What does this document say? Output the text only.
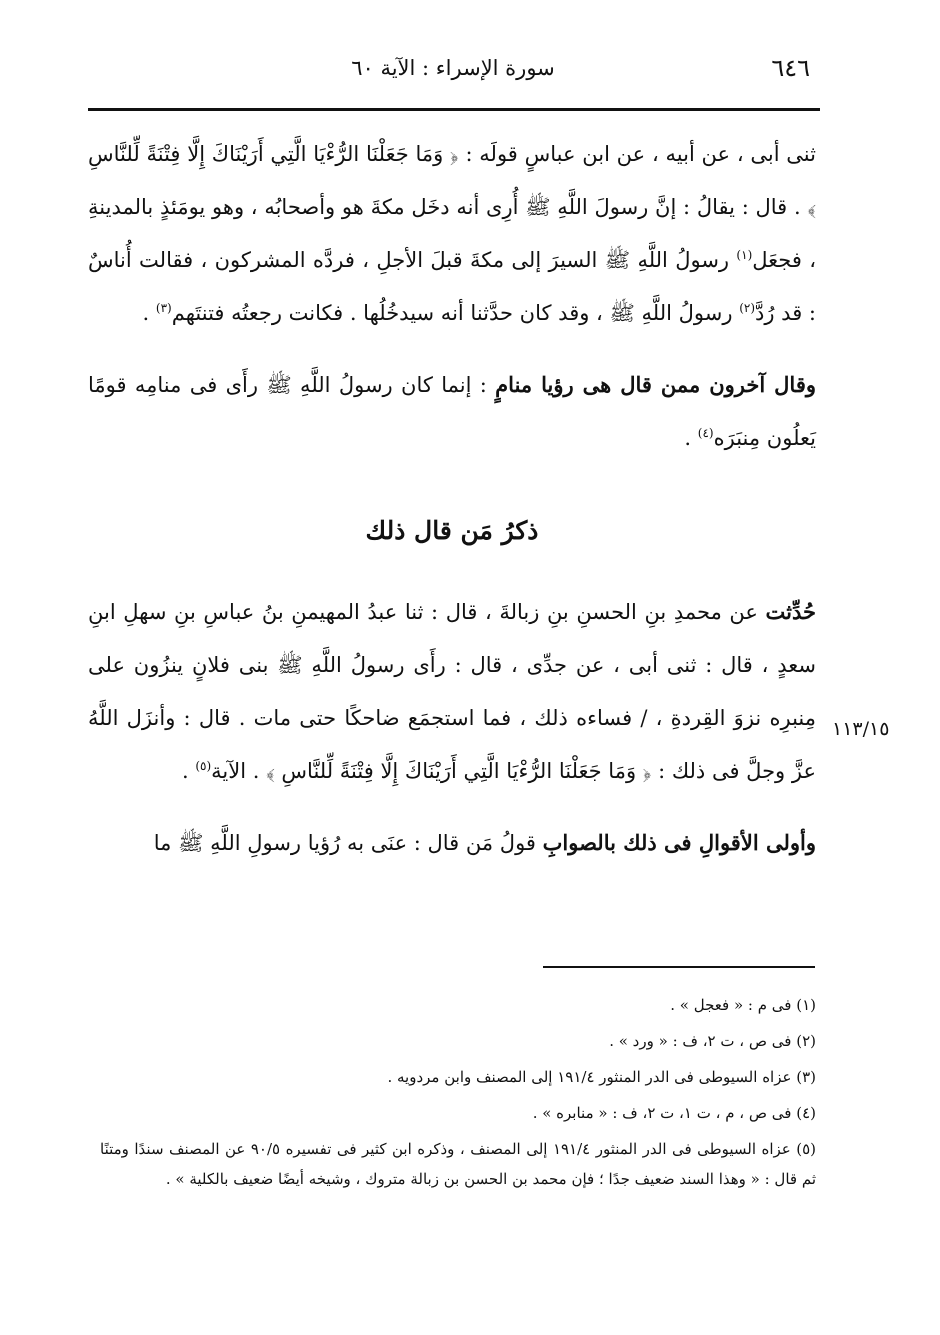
٦٤٦
سورة الإسراء : الآية ٦٠

ثنى أبى ، عن أبيه ، عن ابن عباسٍ قولَه : ﴿ وَمَا جَعَلْنَا الرُّءْيَا الَّتِي أَرَيْنَاكَ إِلَّا فِتْنَةً لِّلنَّاسِ ﴾ . قال : يقالُ : إنَّ رسولَ اللَّهِ ﷺ أُرِى أنه دخَل مكةَ هو وأصحابُه ، وهو يومَئذٍ بالمدينةِ ، فجعَل$^{(١)}$ رسولُ اللَّهِ ﷺ السيرَ إلى مكةَ قبلَ الأجلِ ، فردَّه المشركون ، فقالت أُناسٌ : قد رُدَّ$^{(٢)}$ رسولُ اللَّهِ ﷺ ، وقد كان حدَّثنا أنه سيدخُلُها . فكانت رجعتُه فتنتَهم$^{(٣)}$ .

وقال آخرون ممن قال هى رؤيا منامٍ : إنما كان رسولُ اللَّهِ ﷺ رأَى فى منامِه قومًا يَعلُون مِنبَرَه$^{(٤)}$ .

ذكرُ مَن قال ذلك

حُدِّثت عن محمدِ بنِ الحسنِ بنِ زبالةَ ، قال : ثنا عبدُ المهيمنِ بنُ عباسِ بنِ سهلِ ابنِ سعدٍ ، قال : ثنى أبى ، عن جدِّى ، قال : رأَى رسولُ اللَّهِ ﷺ بنى فلانٍ ينزُون على مِنبرِه نزوَ القِردةِ ، / فساءه ذلك ، فما استجمَع ضاحكًا حتى مات . قال : وأنزَل اللَّهُ عزَّ وجلَّ فى ذلك : ﴿ وَمَا جَعَلْنَا الرُّءْيَا الَّتِي أَرَيْنَاكَ إِلَّا فِتْنَةً لِّلنَّاسِ ﴾ . الآية$^{(٥)}$ .

وأولى الأقوالِ فى ذلك بالصوابِ قولُ مَن قال : عنَى به رُؤيا رسولِ اللَّهِ ﷺ ما

١١٣/١٥

(١) فى م : « فعجل » .

(٢) فى ص ، ت ٢، ف : « ورد » .

(٣) عزاه السيوطى فى الدر المنثور ١٩١/٤ إلى المصنف وابن مردويه .

(٤) فى ص ، م ، ت ١، ت ٢، ف : « منابره » .

(٥) عزاه السيوطى فى الدر المنثور ١٩١/٤ إلى المصنف ، وذكره ابن كثير فى تفسيره ٩٠/٥ عن المصنف سندًا ومتنًا ثم قال : « وهذا السند ضعيف جدًا ؛ فإن محمد بن الحسن بن زبالة متروك ، وشيخه أيضًا ضعيف بالكلية » .
